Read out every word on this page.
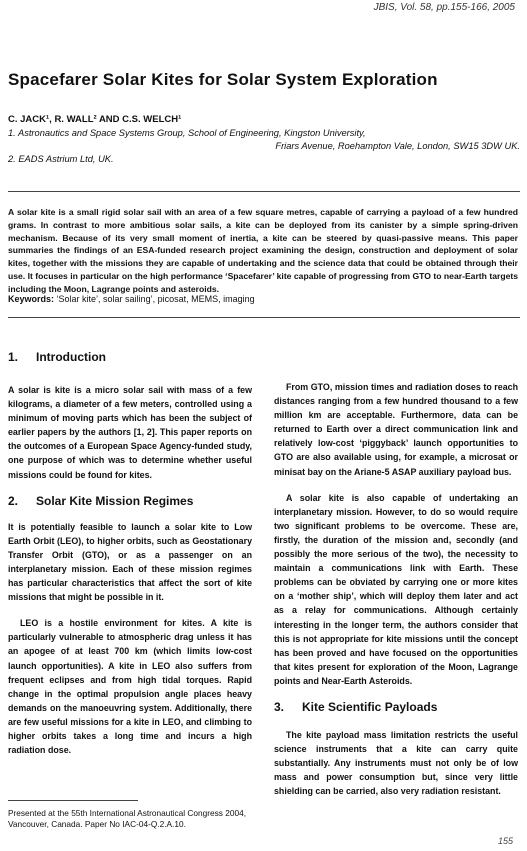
JBIS, Vol. 58, pp.155-166, 2005
Spacefarer Solar Kites for Solar System Exploration
C. JACK¹, R. WALL² AND C.S. WELCH¹
1. Astronautics and Space Systems Group, School of Engineering, Kingston University,
Friars Avenue, Roehampton Vale, London, SW15 3DW UK.
2. EADS Astrium Ltd, UK.
A solar kite is a small rigid solar sail with an area of a few square metres, capable of carrying a payload of a few hundred grams. In contrast to more ambitious solar sails, a kite can be deployed from its canister by a simple spring-driven mechanism. Because of its very small moment of inertia, a kite can be steered by quasi-passive means. This paper summaries the findings of an ESA-funded research project examining the design, construction and deployment of solar kites, together with the missions they are capable of undertaking and the science data that could be obtained through their use. It focuses in particular on the high performance ‘Spacefarer’ kite capable of progressing from GTO to near-Earth targets including the Moon, Lagrange points and asteroids.
Keywords: ‘Solar kite’, solar sailing’, picosat, MEMS, imaging
1. Introduction

A solar is kite is a micro solar sail with mass of a few kilograms, a diameter of a few meters, controlled using a minimum of moving parts which has been the subject of earlier papers by the authors [1, 2]. This paper reports on the outcomes of a European Space Agency-funded study, one purpose of which was to determine whether useful missions could be found for kites.

2. Solar Kite Mission Regimes

It is potentially feasible to launch a solar kite to Low Earth Orbit (LEO), to higher orbits, such as Geostationary Transfer Orbit (GTO), or as a passenger on an interplanetary mission. Each of these mission regimes has particular characteristics that affect the sort of kite missions that might be possible in it.

LEO is a hostile environment for kites. A kite is particularly vulnerable to atmospheric drag unless it has an apogee of at least 700 km (which limits low-cost launch opportunities). A kite in LEO also suffers from frequent eclipses and from high tidal torques. Rapid change in the optimal propulsion angle places heavy demands on the manoeuvring system. Additionally, there are few useful missions for a kite in LEO, and climbing to higher orbits takes a long time and incurs a high radiation dose.

From GTO, mission times and radiation doses to reach distances ranging from a few hundred thousand to a few million km are acceptable. Furthermore, data can be returned to Earth over a direct communication link and relatively low-cost ‘piggyback’ launch opportunities to GTO are also available using, for example, a microsat or minisat bay on the Ariane-5 ASAP auxiliary payload bus.

A solar kite is also capable of undertaking an interplanetary mission. However, to do so would require two significant problems to be overcome. These are, firstly, the duration of the mission and, secondly (and possibly the more serious of the two), the necessity to maintain a communications link with Earth. These problems can be obviated by carrying one or more kites on a ‘mother ship’, which will deploy them later and act as a relay for communications. Although certainly interesting in the longer term, the authors consider that this is not appropriate for kite missions until the concept has been proved and have focused on the opportunities that kites present for exploration of the Moon, Lagrange points and Near-Earth Asteroids.

3. Kite Scientific Payloads

The kite payload mass limitation restricts the useful science instruments that a kite can carry quite substantially. Any instruments must not only be of low mass and power consumption but, since very little shielding can be carried, also very radiation resistant.

Presented at the 55th International Astronautical Congress 2004,
Vancouver, Canada. Paper No IAC-04-Q.2.A.10.
155
